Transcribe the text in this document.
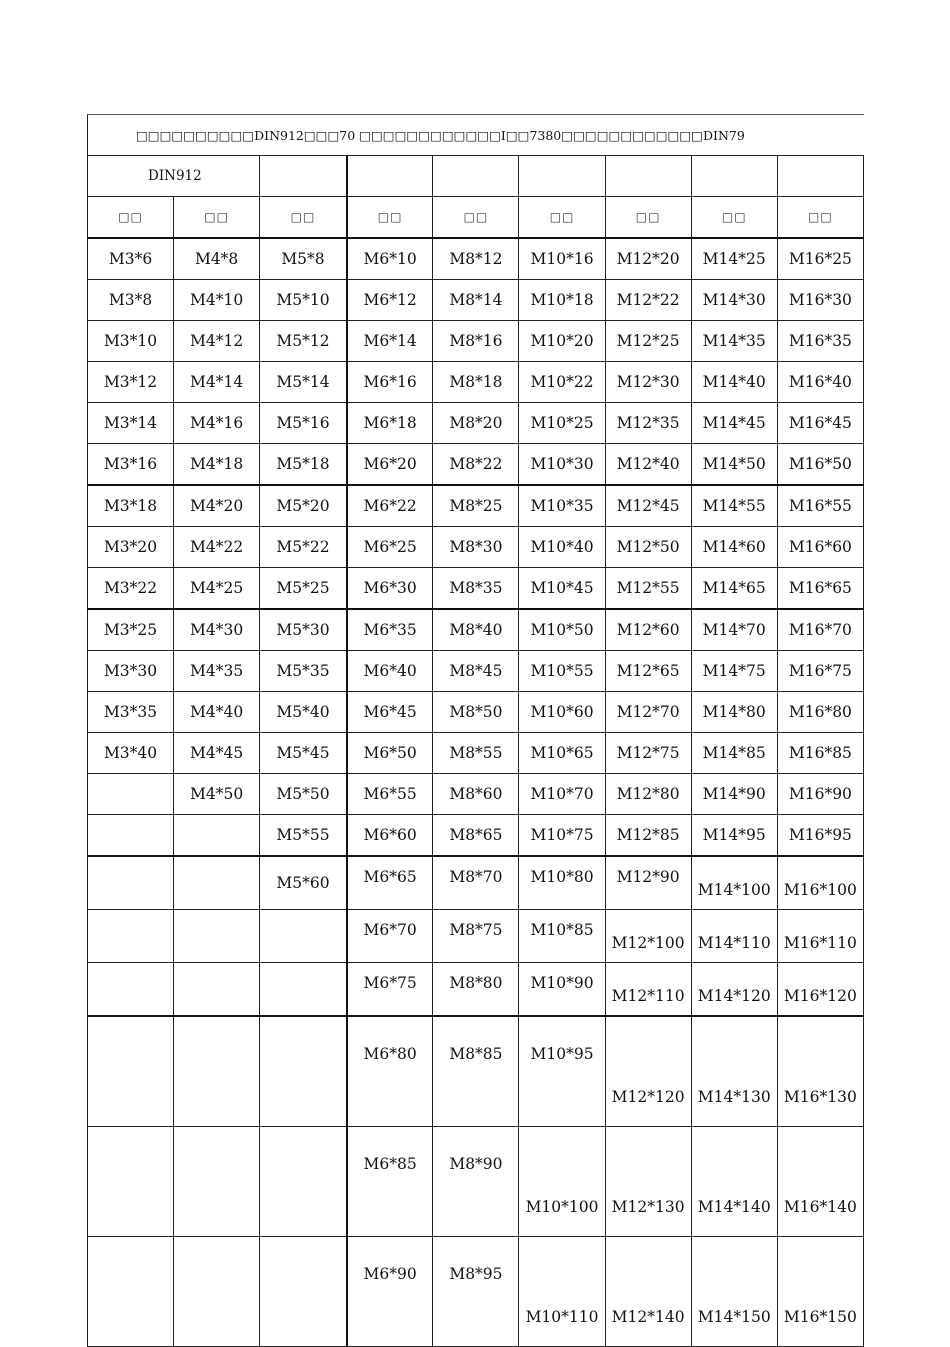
□□□□□□□□□□DIN912□□□70 □□□□□□□□□□□□I□□7380□□□□□□□□□□□□DIN79								
DIN912								
□□	□□	□□	□□	□□	□□	□□	□□	□□
M3*6	M4*8	M5*8	M6*10	M8*12	M10*16	M12*20	M14*25	M16*25
M3*8	M4*10	M5*10	M6*12	M8*14	M10*18	M12*22	M14*30	M16*30
M3*10	M4*12	M5*12	M6*14	M8*16	M10*20	M12*25	M14*35	M16*35
M3*12	M4*14	M5*14	M6*16	M8*18	M10*22	M12*30	M14*40	M16*40
M3*14	M4*16	M5*16	M6*18	M8*20	M10*25	M12*35	M14*45	M16*45
M3*16	M4*18	M5*18	M6*20	M8*22	M10*30	M12*40	M14*50	M16*50
M3*18	M4*20	M5*20	M6*22	M8*25	M10*35	M12*45	M14*55	M16*55
M3*20	M4*22	M5*22	M6*25	M8*30	M10*40	M12*50	M14*60	M16*60
M3*22	M4*25	M5*25	M6*30	M8*35	M10*45	M12*55	M14*65	M16*65
M3*25	M4*30	M5*30	M6*35	M8*40	M10*50	M12*60	M14*70	M16*70
M3*30	M4*35	M5*35	M6*40	M8*45	M10*55	M12*65	M14*75	M16*75
M3*35	M4*40	M5*40	M6*45	M8*50	M10*60	M12*70	M14*80	M16*80
M3*40	M4*45	M5*45	M6*50	M8*55	M10*65	M12*75	M14*85	M16*85
	M4*50	M5*50	M6*55	M8*60	M10*70	M12*80	M14*90	M16*90
		M5*55	M6*60	M8*65	M10*75	M12*85	M14*95	M16*95
		M5*60	M6*65	M8*70	M10*80	M12*90	M14*100	M16*100
			M6*70	M8*75	M10*85	M12*100	M14*110	M16*110
			M6*75	M8*80	M10*90	M12*110	M14*120	M16*120
			M6*80	M8*85	M10*95	M12*120	M14*130	M16*130
			M6*85	M8*90	M10*100	M12*130	M14*140	M16*140
			M6*90	M8*95	M10*110	M12*140	M14*150	M16*150
